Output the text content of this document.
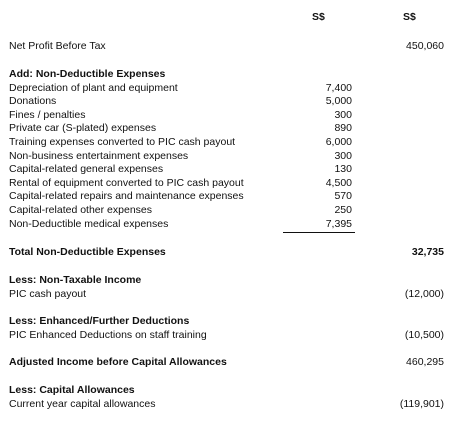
S$	S$
Net Profit Before Tax	450,060
Add: Non-Deductible Expenses
Depreciation of plant and equipment	7,400
Donations	5,000
Fines / penalties	300
Private car (S-plated) expenses	890
Training expenses converted to PIC cash payout	6,000
Non-business entertainment expenses	300
Capital-related general expenses	130
Rental of equipment converted to PIC cash payout	4,500
Capital-related repairs and maintenance expenses	570
Capital-related other expenses	250
Non-Deductible medical expenses	7,395
Total Non-Deductible Expenses	32,735
Less: Non-Taxable Income
PIC cash payout	(12,000)
Less: Enhanced/Further Deductions
PIC Enhanced Deductions on staff training	(10,500)
Adjusted Income before Capital Allowances	460,295
Less: Capital Allowances
Current year capital allowances	(119,901)
